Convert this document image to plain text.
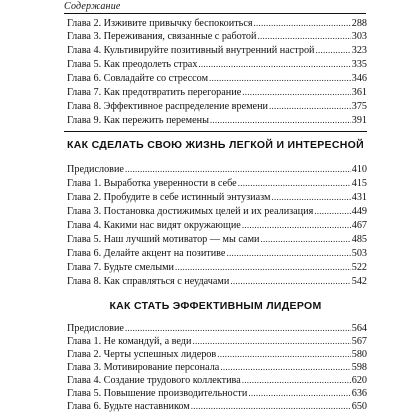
Содержание
Глава 2. Изживите привычку беспокоиться . . .	288
Глава 3. Переживания, связанные с работой . . .	303
Глава 4. Культивируйте позитивный внутренний настрой . . .	323
Глава 5. Как преодолеть страх . . .	335
Глава 6. Совладайте со стрессом . . .	346
Глава 7. Как предотвратить перегорание . . .	361
Глава 8. Эффективное распределение времени . . .	375
Глава 9. Как пережить перемены . . .	391
КАК СДЕЛАТЬ СВОЮ ЖИЗНЬ ЛЕГКОЙ И ИНТЕРЕСНОЙ
Предисловие . . .	410
Глава 1. Выработка уверенности в себе . . .	415
Глава 2. Пробудите в себе истинный энтузиазм . . .	431
Глава 3. Постановка достижимых целей и их реализация . . .	449
Глава 4. Какими нас видят окружающие . . .	467
Глава 5. Наш лучший мотиватор — мы сами . . .	485
Глава 6. Делайте акцент на позитиве . . .	503
Глава 7. Будьте смелыми . . .	522
Глава 8. Как справляться с неудачами . . .	542
КАК СТАТЬ ЭФФЕКТИВНЫМ ЛИДЕРОМ
Предисловие . . .	564
Глава 1. Не командуй, а веди . . .	567
Глава 2. Черты успешных лидеров . . .	580
Глава 3. Мотивирование персонала . . .	598
Глава 4. Создание трудового коллектива . . .	620
Глава 5. Повышение производительности . . .	636
Глава 6. Будьте наставником . . .	650
